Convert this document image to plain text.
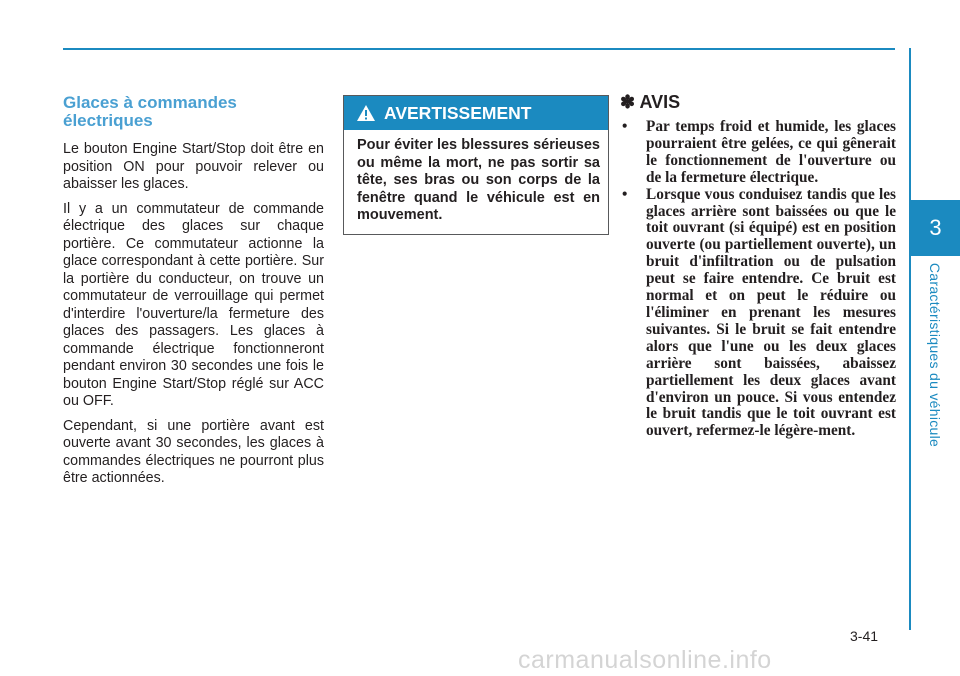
3
Caractéristiques du véhicule
Glaces à commandes électriques

Le bouton Engine Start/Stop doit être en position ON pour pouvoir relever ou abaisser les glaces.

Il y a un commutateur de commande électrique des glaces sur chaque portière. Ce commutateur actionne la glace correspondant à cette portière. Sur la portière du conducteur, on trouve un commutateur de verrouillage qui permet d'interdire l'ouverture/la fermeture des glaces des passagers. Les glaces à commande électrique fonctionneront pendant environ 30 secondes une fois le bouton Engine Start/Stop réglé sur ACC ou OFF.

Cependant, si une portière avant est ouverte avant 30 secondes, les glaces à commandes électriques ne pourront plus être actionnées.

AVERTISSEMENT
Pour éviter les blessures sérieuses ou même la mort, ne pas sortir sa tête, ses bras ou son corps de la fenêtre quand le véhicule est en mouvement.
✽ AVIS
• Par temps froid et humide, les glaces pourraient être gelées, ce qui gênerait le fonctionnement de l'ouverture ou de la fermeture électrique.
• Lorsque vous conduisez tandis que les glaces arrière sont baissées ou que le toit ouvrant (si équipé) est en position ouverte (ou partiellement ouverte), un bruit d'infiltration ou de pulsation peut se faire entendre. Ce bruit est normal et on peut le réduire ou l'éliminer en prenant les mesures suivantes. Si le bruit se fait entendre alors que l'une ou les deux glaces arrière sont baissées, abaissez partiellement les deux glaces avant d'environ un pouce. Si vous entendez le bruit tandis que le toit ouvrant est ouvert, refermez-le légère-ment.
3-41
carmanualsonline.info
